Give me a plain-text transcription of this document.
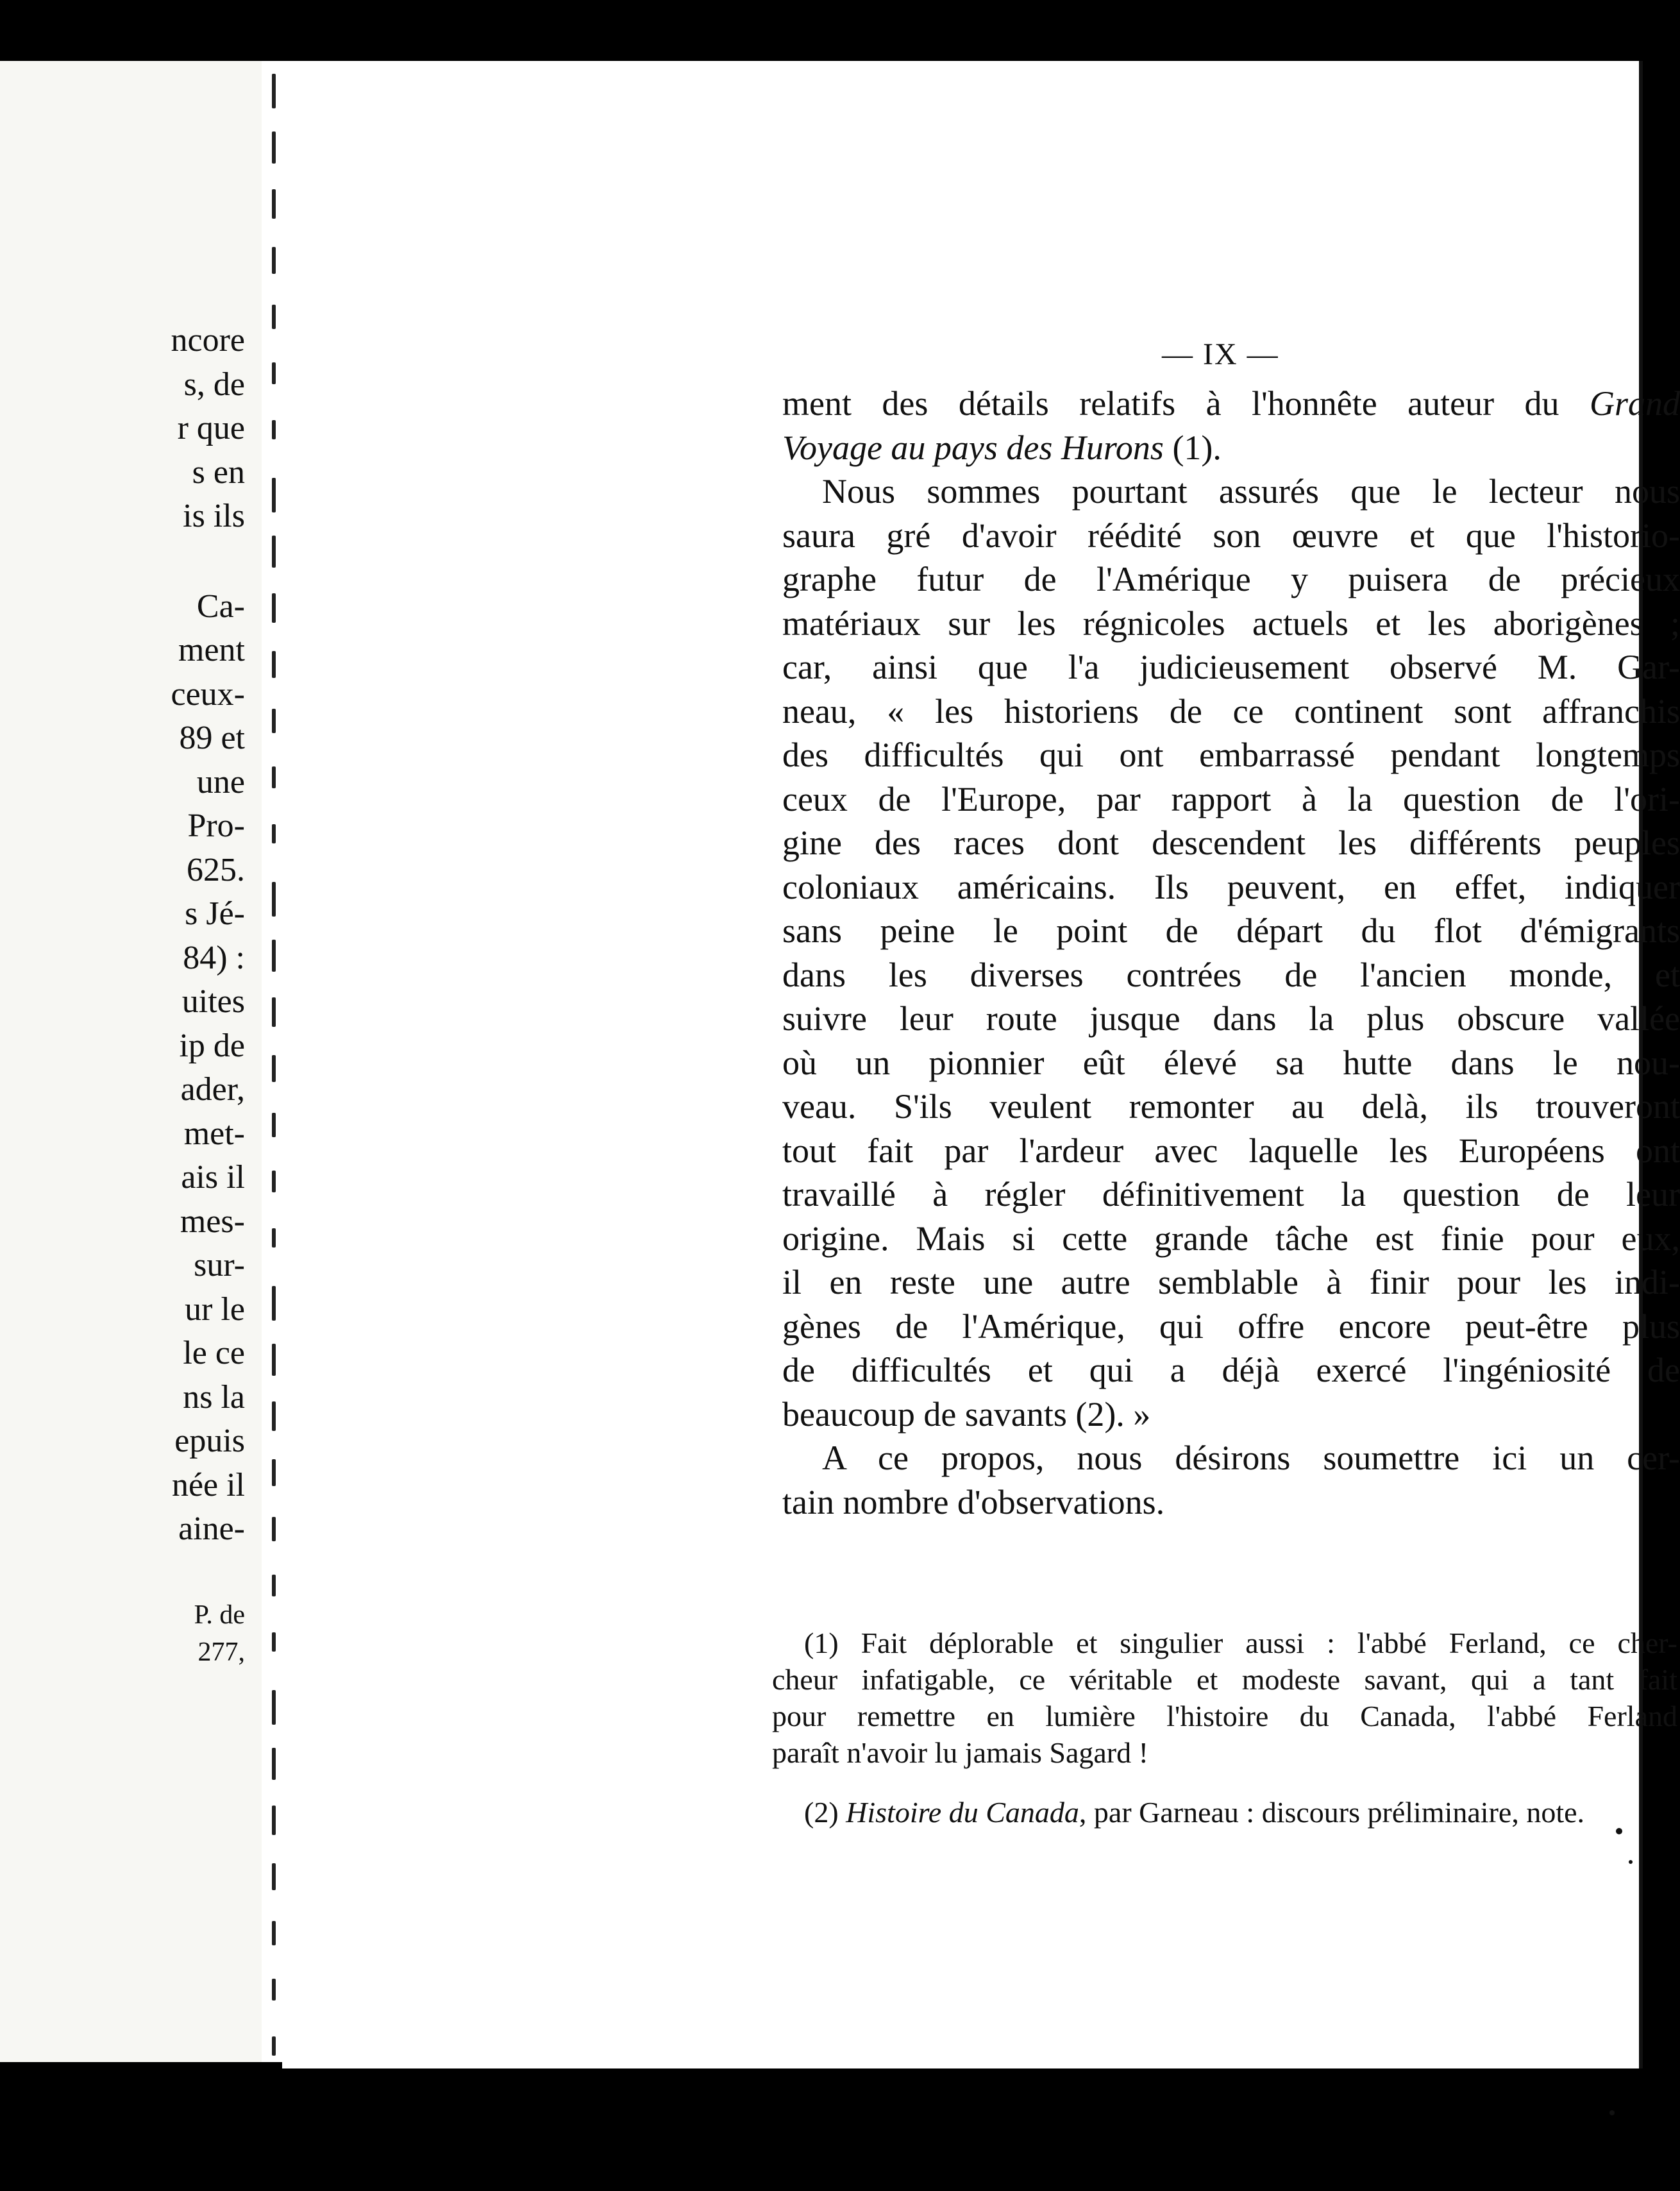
ncore
s, de
r que
s en
is ils
Ca-
ment
ceux-
89 et
une
Pro-
625.
s Jé-
84) :
uites
ip de
ader,
met-
ais il
mes-
sur-
ur le
le ce
ns la
epuis
née il
aine-
P. de
277,
— IX —

ment des détails relatifs à l'honnête auteur du Grand
Voyage au pays des Hurons (1).

Nous sommes pourtant assurés que le lecteur nous
saura gré d'avoir réédité son œuvre et que l'historio-
graphe futur de l'Amérique y puisera de précieux
matériaux sur les régnicoles actuels et les aborigènes ;
car, ainsi que l'a judicieusement observé M. Gar-
neau, « les historiens de ce continent sont affranchis
des difficultés qui ont embarrassé pendant longtemps
ceux de l'Europe, par rapport à la question de l'ori-
gine des races dont descendent les différents peuples
coloniaux américains. Ils peuvent, en effet, indiquer
sans peine le point de départ du flot d'émigrants
dans les diverses contrées de l'ancien monde, et
suivre leur route jusque dans la plus obscure vallée
où un pionnier eût élevé sa hutte dans le nou-
veau. S'ils veulent remonter au delà, ils trouveront
tout fait par l'ardeur avec laquelle les Européens ont
travaillé à régler définitivement la question de leur
origine. Mais si cette grande tâche est finie pour eux,
il en reste une autre semblable à finir pour les indi-
gènes de l'Amérique, qui offre encore peut-être plus
de difficultés et qui a déjà exercé l'ingéniosité de
beaucoup de savants (2). »

A ce propos, nous désirons soumettre ici un cer-
tain nombre d'observations.

(1) Fait déplorable et singulier aussi : l'abbé Ferland, ce cher-
cheur infatigable, ce véritable et modeste savant, qui a tant fait
pour remettre en lumière l'histoire du Canada, l'abbé Ferland
paraît n'avoir lu jamais Sagard !
(2) Histoire du Canada, par Garneau : discours préliminaire, note.
